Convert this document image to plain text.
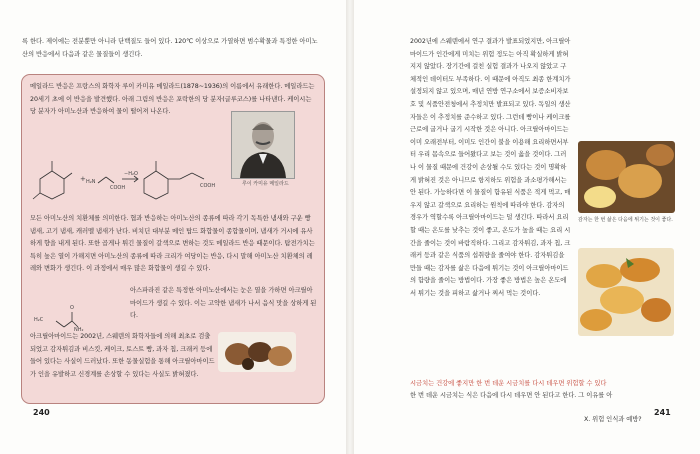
록 한다. 제이에는 전분뿐만 아니라 단백질도 들어 있다. 120℃ 이상으로 가열하면 범수확물과 특정한 아미노산의 반응에서 다음과 같은 물질들이 생긴다.

메일라드 반응은 프랑스의 화학자 루이 카미유 메일라드(1878~1936)의 이름에서 유래한다. 메일라드는 20세기 초에 이 반응을 발견했다. 아래 그림의 반응은 포락한의 당 분자(글루코스)를 나타낸다. 케이시는 당 분자가 아미노산과 반응하여 물이 떨어져 나온다.

루이 카미유 메일라드
+ H₂N
COOH
−H₂O
COOH

모든 아미노산의 치환체를 의미한다. 협과 반응하는 아미노산의 종류에 따라 각기 독특한 냄새와 구운 빵 냄새, 고기 냄새, 캐러멜 냄새가 난다. 비치딘 대부분 메인 탑드 화합물이 종합물이며, 냄새가 거시에 유사하게 향을 내게 된다. 또한 곱게나 튀긴 물질이 갈색으로 변하는 것도 메일라드 반응 때문이다. 탐전가치는 특히 높은 열이 가해지면 아미노산의 종류에 따라 크리가 여당이는 반응, 다시 말해 아미노산 치환체의 레레와 변화가 생긴다. 이 과정에서 매우 많은 화합물이 생길 수 있다.

H₂C
O
NH₂

아스파라진 같은 특정한 아미노산에서는 눈은 열을 가하면 아크릴아마이드가 생길 수 있다. 이는 고약한 냄새가 나서 음식 맛을 상하게 된다.

아크릴아마이드는 2002년, 스웨덴의 화학자들에 의해 최초로 검출되었고 감자튀김과 비스킷, 케이크, 토스트 빵, 과자 칩, 크래커 등에 들어 있다는 사실이 드러났다. 또한 동물실험을 통해 아크릴아마이드가 인을 유발하고 신경계를 손상할 수 있다는 사실도 밝혀졌다.

240

2002년에 스웨덴에서 연구 결과가 발표되었지만, 아크릴아마이드가 인간에게 미치는 위험 정도는 아직 확실하게 밝혀지지 않았다. 장기간에 걸친 실험 결과가 나오지 않았고 구체적인 데이터도 부족하다. 이 때문에 아직도 최종 한계치가 설정되지 않고 있으며, 매년 연방 연구소에서 보증소비자보호 및 식품안전청에서 추정치만 발표되고 있다. 독일의 생산자들은 이 추정치를 준수하고 있다. 그런데 빵이나 케이크를 근로에 굽거나 굽기 시작한 것은 아니다. 아크릴아마이드는 이미 오래전부터, 이미도 인간이 불을 이용해 요리하면서부터 우리 몸속으로 들어왔다고 보는 것이 옳을 것이다. 그러나 이 물질 때문에 건강이 손상될 수도 있다는 것이 명확하게 밝혀진 것은 아니므로 항지하도 위험을 과소평가해서는 안 된다. 가능하다면 이 물질이 함유된 식품은 적게 먹고, 매우지 않고 갈색으로 요리하는 원칙에 따라야 한다. 감자의 경우가 역할수록 아크릴아마이드는 덜 생긴다. 따라서 요리할 때는 온도를 낮추는 것이 좋고, 온도가 높을 때는 요리 시간을 줄이는 것이 바람직하다. 그리고 감자튀김, 과자 칩, 크래커 등과 같은 식품의 섭취량을 줄여야 한다. 감자튀김을 만들 때는 감자를 삶은 다음에 튀기는 것이 아크릴아마이드의 함량을 줄이는 방법이다. 가장 좋은 방법은 높은 온도에서 튀기는 것을 피하고 삶거나 찌서 먹는 것이다.

감자는 한 번 삶은 다음에 튀기는 것이 좋다.

시금치는 건강에 좋지만 한 번 데운 시금치를 다시 데우면 위험할 수 있다

한 번 데운 시금치는 식은 다음에 다시 데우면 안 된다고 한다. 그 이유를 아

X. 위험 인식과 예방?
241
